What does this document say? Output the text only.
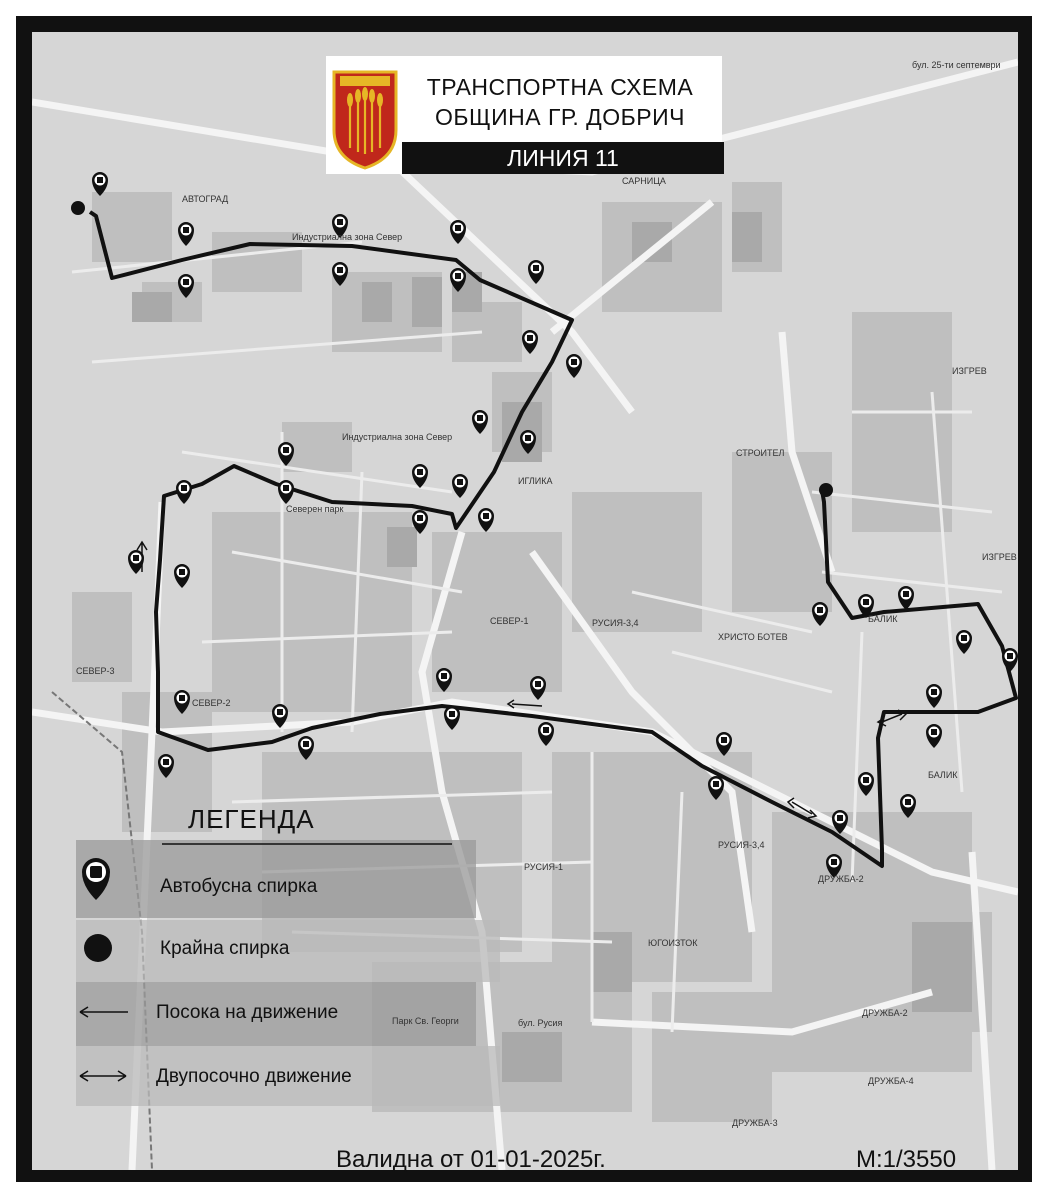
Индустриална зона Север
Индустриална зона Север
АВТОГРАД
САРНИЦА
СЕВЕР-2
СЕВЕР-3
СЕВЕР-1	РУСИЯ-3,4
РУСИЯ-3,4
РУСИЯ-1
ХРИСТО БОТЕВ
СТРОИТЕЛ
БАЛИК
БАЛИК
ИЗГРЕВ
ИЗГРЕВ
ДРУЖБА-2
ДРУЖБА-2
ДРУЖБА-3
ДРУЖБА-4
ЮГОИЗТОК
ИГЛИКА
Северен парк
Парк Св. Георги
бул. 25-ти септември
бул. Русия
ТРАНСПОРТНА СХЕМА
ОБЩИНА ГР. ДОБРИЧ
ЛИНИЯ 11
ЛЕГЕНДА
Автобусна спирка
Крайна спирка
Посока на движение
Двупосочно движение
Валидна от 01-01-2025г.	М:1/3550
